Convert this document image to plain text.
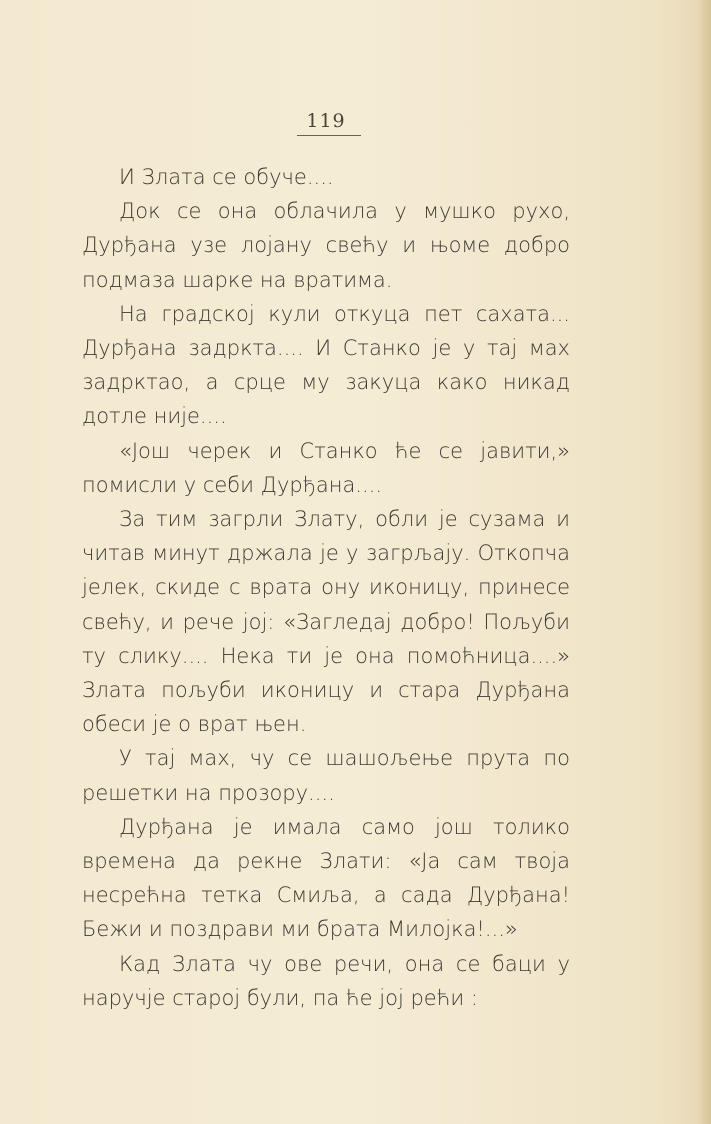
119

И Злата се обуче....

Док се она облачила у мушко рухо, Дурђана узе лојану свећу и њоме добро подмаза шарке на вратима.

На градској кули откуца пет сахата... Дурђана задркта.... И Станко је у тај мах задрктао, а срце му закуца како никад дотле није....

«Још черек и Станко ће се јавити,» помисли у себи Дурђана....

За тим загрли Злату, обли је сузама и читав минут држала је у загрљају. Откопча јелек, скиде с врата ону иконицу, принесе свећу, и рече јој: «Загледај добро! Пољуби ту слику.... Нека ти је она помоћница....» Злата пољуби иконицу и стара Дурђана обеси је о врат њен.

У тај мах, чу се шашољење прута по решетки на прозору....

Дурђана је имала само још толико времена да рекне Злати: «Ја сам твоја несрећна тетка Смиља, а сада Дурђана! Бежи и поздрави ми брата Милојка!...»

Кад Злата чу ове речи, она се баци у наручје старој були, па ће јој рећи :
